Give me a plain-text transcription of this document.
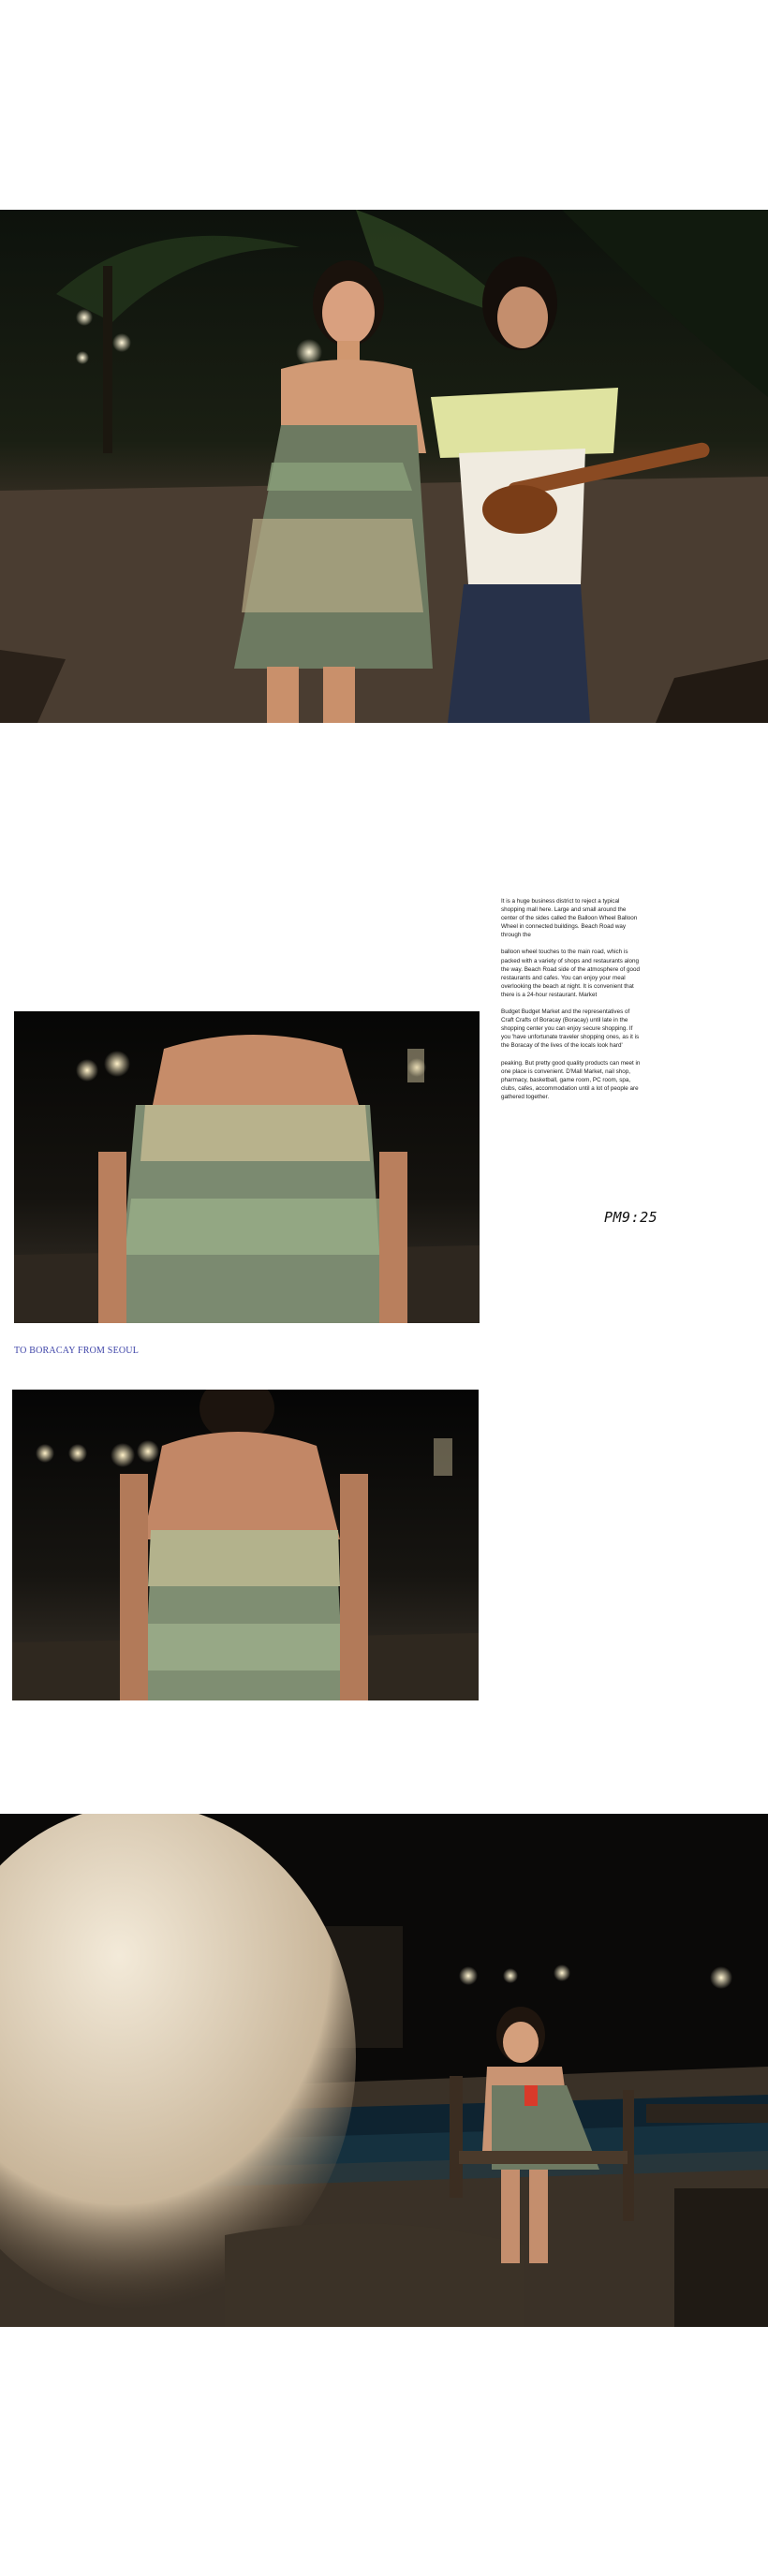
It is a huge business district to reject a typical shopping mall here. Large and small around the center of the sides called the Balloon Wheel Balloon Wheel in connected buildings. Beach Road way through the

balloon wheel touches to the main road, which is packed with a variety of shops and restaurants along the way. Beach Road side of the atmosphere of good restaurants and cafes. You can enjoy your meal overlooking the beach at night. It is convenient that there is a 24-hour restaurant. Market

Budget Budget Market and the representatives of Craft Crafts of Boracay (Boracay) until late in the shopping center you can enjoy secure shopping. If you 'have unfortunate traveler shopping ones, as it is the Boracay of the lives of the locals look hard'

peaking. But pretty good quality products can meet in one place is convenient. D'Mall Market, nail shop, pharmacy, basketball, game room, PC room, spa, clubs, cafes, accommodation until a lot of people are gathered together.

PM9:25
TO BORACAY FROM SEOUL
